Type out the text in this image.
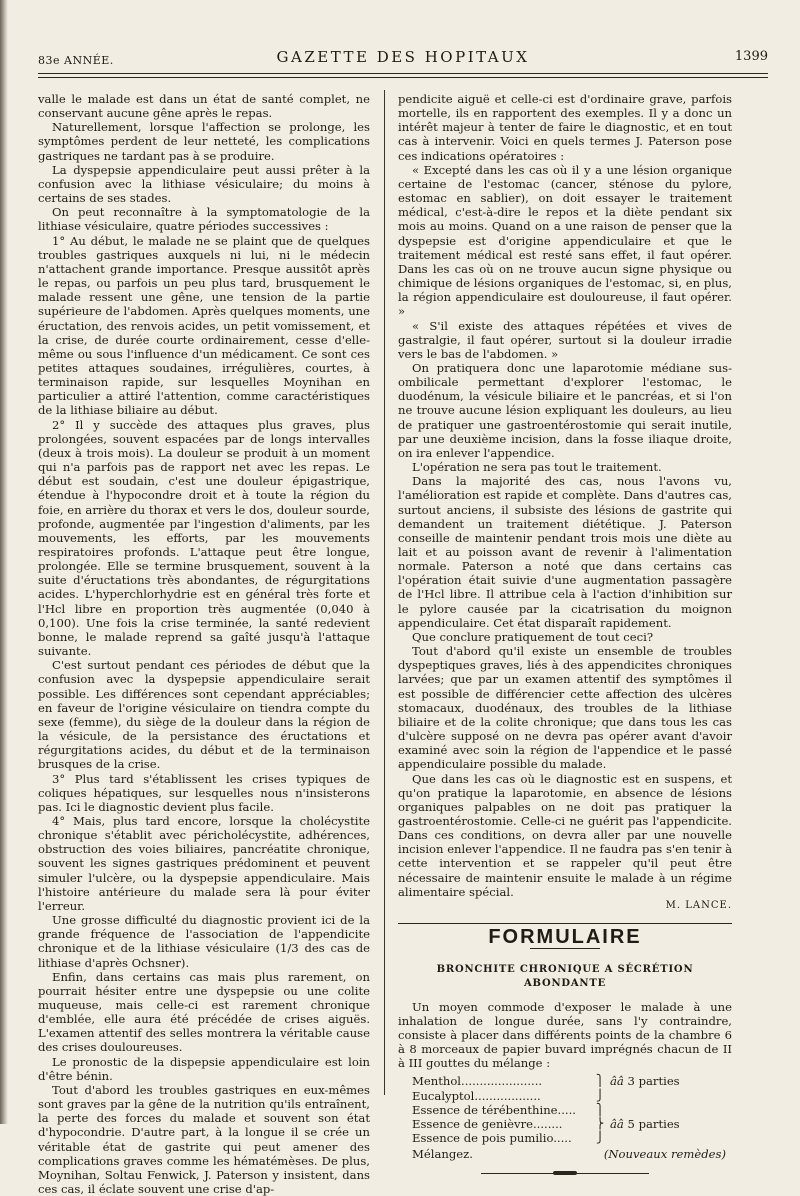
83e ANNÉE.	GAZETTE DES HOPITAUX	1399

valle le malade est dans un état de santé complet, ne conservant aucune gêne après le repas.

Naturellement, lorsque l'affection se prolonge, les symptômes perdent de leur netteté, les complications gastriques ne tardant pas à se produire.

La dyspepsie appendiculaire peut aussi prêter à la confusion avec la lithiase vésiculaire; du moins à certains de ses stades.

On peut reconnaître à la symptomatologie de la lithiase vésiculaire, quatre périodes successives :

1° Au début, le malade ne se plaint que de quelques troubles gastriques auxquels ni lui, ni le médecin n'attachent grande importance. Presque aussitôt après le repas, ou parfois un peu plus tard, brusquement le malade ressent une gêne, une tension de la partie supérieure de l'abdomen. Après quelques moments, une éructation, des renvois acides, un petit vomissement, et la crise, de durée courte ordinairement, cesse d'elle-même ou sous l'influence d'un médicament. Ce sont ces petites attaques soudaines, irrégulières, courtes, à terminaison rapide, sur lesquelles Moynihan en particulier a attiré l'attention, comme caractéristiques de la lithiase biliaire au début.

2° Il y succède des attaques plus graves, plus prolongées, souvent espacées par de longs intervalles (deux à trois mois). La douleur se produit à un moment qui n'a parfois pas de rapport net avec les repas. Le début est soudain, c'est une douleur épigastrique, étendue à l'hypocondre droit et à toute la région du foie, en arrière du thorax et vers le dos, douleur sourde, profonde, augmentée par l'ingestion d'aliments, par les mouvements, les efforts, par les mouvements respiratoires profonds. L'attaque peut être longue, prolongée. Elle se termine brusquement, souvent à la suite d'éructations très abondantes, de régurgitations acides. L'hyperchlorhydrie est en général très forte et l'Hcl libre en proportion très augmentée (0,040 à 0,100). Une fois la crise terminée, la santé redevient bonne, le malade reprend sa gaîté jusqu'à l'attaque suivante.

C'est surtout pendant ces périodes de début que la confusion avec la dyspepsie appendiculaire serait possible. Les différences sont cependant appréciables; en faveur de l'origine vésiculaire on tiendra compte du sexe (femme), du siège de la douleur dans la région de la vésicule, de la persistance des éructations et régurgitations acides, du début et de la terminaison brusques de la crise.

3° Plus tard s'établissent les crises typiques de coliques hépatiques, sur lesquelles nous n'insisterons pas. Ici le diagnostic devient plus facile.

4° Mais, plus tard encore, lorsque la cholécystite chronique s'établit avec péricholécystite, adhérences, obstruction des voies biliaires, pancréatite chronique, souvent les signes gastriques prédominent et peuvent simuler l'ulcère, ou la dyspepsie appendiculaire. Mais l'histoire antérieure du malade sera là pour éviter l'erreur.

Une grosse difficulté du diagnostic provient ici de la grande fréquence de l'association de l'appendicite chronique et de la lithiase vésiculaire (1/3 des cas de lithiase d'après Ochsner).

Enfin, dans certains cas mais plus rarement, on pourrait hésiter entre une dyspepsie ou une colite muqueuse, mais celle-ci est rarement chronique d'emblée, elle aura été précédée de crises aiguës. L'examen attentif des selles montrera la véritable cause des crises douloureuses.

Le pronostic de la dispepsie appendiculaire est loin d'être bénin.

Tout d'abord les troubles gastriques en eux-mêmes sont graves par la gêne de la nutrition qu'ils entraînent, la perte des forces du malade et souvent son état d'hypocondrie. D'autre part, à la longue il se crée un véritable état de gastrite qui peut amener des complications graves comme les hématémèses. De plus, Moynihan, Soltau Fenwick, J. Paterson y insistent, dans ces cas, il éclate souvent une crise d'ap-

pendicite aiguë et celle-ci est d'ordinaire grave, parfois mortelle, ils en rapportent des exemples. Il y a donc un intérêt majeur à tenter de faire le diagnostic, et en tout cas à intervenir. Voici en quels termes J. Paterson pose ces indications opératoires :

« Excepté dans les cas où il y a une lésion organique certaine de l'estomac (cancer, sténose du pylore, estomac en sablier), on doit essayer le traitement médical, c'est-à-dire le repos et la diète pendant six mois au moins. Quand on a une raison de penser que la dyspepsie est d'origine appendiculaire et que le traitement médical est resté sans effet, il faut opérer. Dans les cas où on ne trouve aucun signe physique ou chimique de lésions organiques de l'estomac, si, en plus, la région appendiculaire est douloureuse, il faut opérer. »

« S'il existe des attaques répétées et vives de gastralgie, il faut opérer, surtout si la douleur irradie vers le bas de l'abdomen. »

On pratiquera donc une laparotomie médiane sus-ombilicale permettant d'explorer l'estomac, le duodénum, la vésicule biliaire et le pancréas, et si l'on ne trouve aucune lésion expliquant les douleurs, au lieu de pratiquer une gastroentérostomie qui serait inutile, par une deuxième incision, dans la fosse iliaque droite, on ira enlever l'appendice.

L'opération ne sera pas tout le traitement.

Dans la majorité des cas, nous l'avons vu, l'amélioration est rapide et complète. Dans d'autres cas, surtout anciens, il subsiste des lésions de gastrite qui demandent un traitement diététique. J. Paterson conseille de maintenir pendant trois mois une diète au lait et au poisson avant de revenir à l'alimentation normale. Paterson a noté que dans certains cas l'opération était suivie d'une augmentation passagère de l'Hcl libre. Il attribue cela à l'action d'inhibition sur le pylore causée par la cicatrisation du moignon appendiculaire. Cet état disparaît rapidement.

Que conclure pratiquement de tout ceci?

Tout d'abord qu'il existe un ensemble de troubles dyspeptiques graves, liés à des appendicites chroniques larvées; que par un examen attentif des symptômes il est possible de différencier cette affection des ulcères stomacaux, duodénaux, des troubles de la lithiase biliaire et de la colite chronique; que dans tous les cas d'ulcère supposé on ne devra pas opérer avant d'avoir examiné avec soin la région de l'appendice et le passé appendiculaire possible du malade.

Que dans les cas où le diagnostic est en suspens, et qu'on pratique la laparotomie, en absence de lésions organiques palpables on ne doit pas pratiquer la gastroentérostomie. Celle-ci ne guérit pas l'appendicite. Dans ces conditions, on devra aller par une nouvelle incision enlever l'appendice. Il ne faudra pas s'en tenir à cette intervention et se rappeler qu'il peut être nécessaire de maintenir ensuite le malade à un régime alimentaire spécial.

M. LANCE.
FORMULAIRE
BRONCHITE CHRONIQUE A SÉCRÉTION ABONDANTE

Un moyen commode d'exposer le malade à une inhalation de longue durée, sans l'y contraindre, consiste à placer dans différents points de la chambre 6 à 8 morceaux de papier buvard imprégnés chacun de II à III gouttes du mélange :

Menthol......................	⎫ ââ 3 parties
Eucalyptol..................	⎭
Essence de térébenthine.....	⎫
Essence de genièvre........	⎬ ââ 5 parties
Essence de pois pumilio.....	⎭
Mélangez.	(Nouveaux remèdes)
